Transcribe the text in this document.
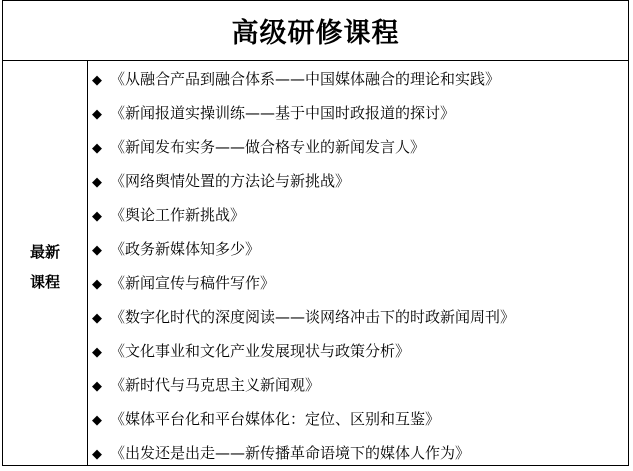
高级研修课程
最新
课程
◆ 《从融合产品到融合体系——中国媒体融合的理论和实践》
◆ 《新闻报道实操训练——基于中国时政报道的探讨》
◆ 《新闻发布实务——做合格专业的新闻发言人》
◆ 《网络舆情处置的方法论与新挑战》
◆ 《舆论工作新挑战》
◆ 《政务新媒体知多少》
◆ 《新闻宣传与稿件写作》
◆ 《数字化时代的深度阅读——谈网络冲击下的时政新闻周刊》
◆ 《文化事业和文化产业发展现状与政策分析》
◆ 《新时代与马克思主义新闻观》
◆ 《媒体平台化和平台媒体化：定位、区别和互鉴》
◆ 《出发还是出走——新传播革命语境下的媒体人作为》
